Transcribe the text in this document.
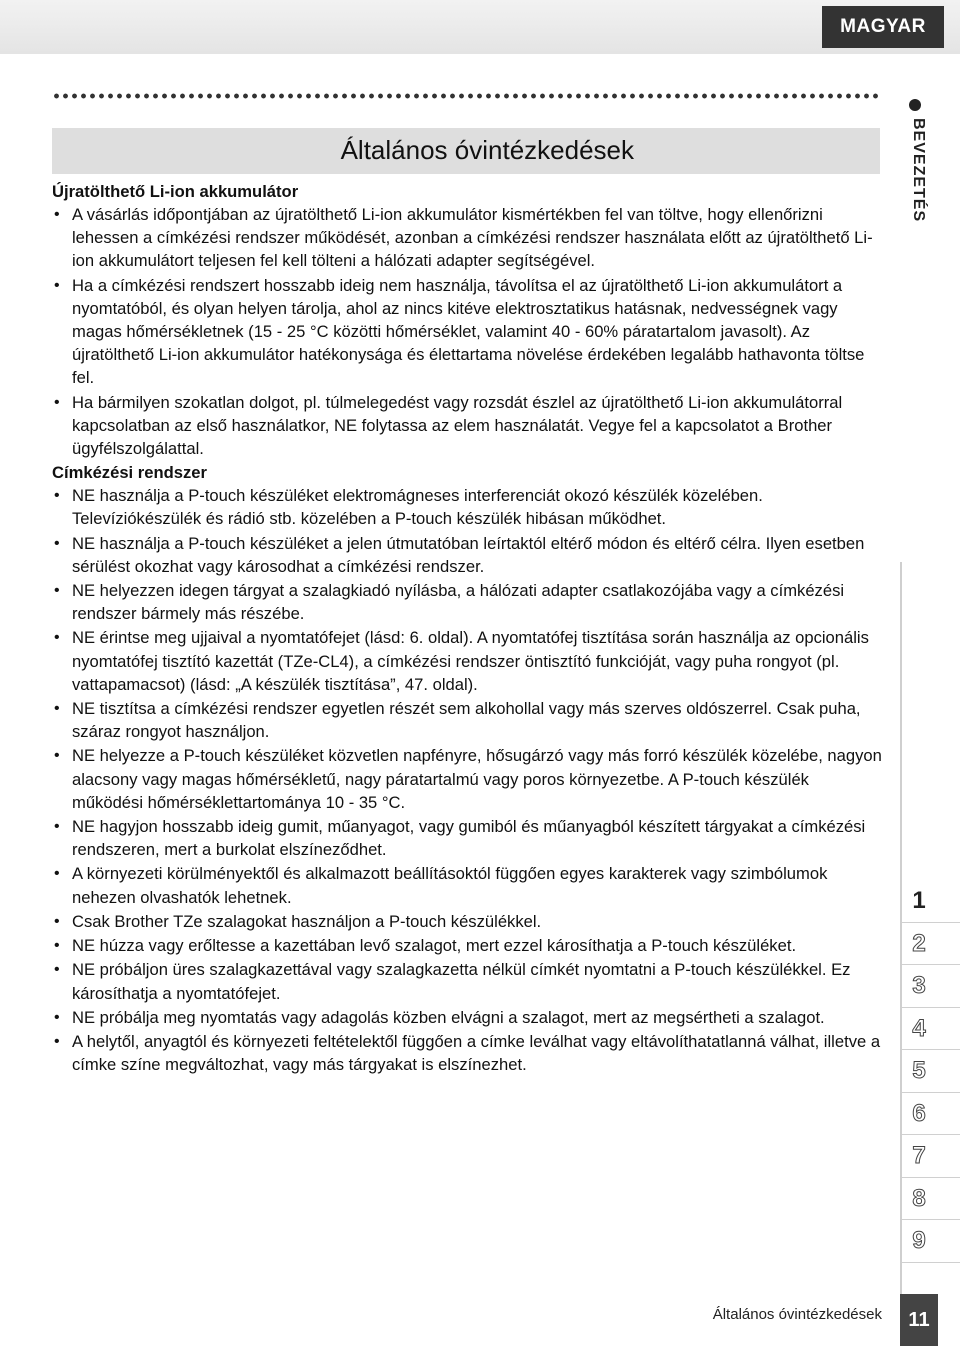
MAGYAR
Általános óvintézkedések
Újratölthető Li-ion akkumulátor
• A vásárlás időpontjában az újratölthető Li-ion akkumulátor kismértékben fel van töltve, hogy ellenőrizni lehessen a címkézési rendszer működését, azonban a címkézési rendszer használata előtt az újratölthető Li-ion akkumulátort teljesen fel kell tölteni a hálózati adapter segítségével.
• Ha a címkézési rendszert hosszabb ideig nem használja, távolítsa el az újratölthető Li-ion akkumulátort a nyomtatóból, és olyan helyen tárolja, ahol az nincs kitéve elektrosztatikus hatásnak, nedvességnek vagy magas hőmérsékletnek (15 - 25 °C közötti hőmérséklet, valamint 40 - 60% páratartalom javasolt). Az újratölthető Li-ion akkumulátor hatékonysága és élettartama növelése érdekében legalább hathavonta töltse fel.
• Ha bármilyen szokatlan dolgot, pl. túlmelegedést vagy rozsdát észlel az újratölthető Li-ion akkumulátorral kapcsolatban az első használatkor, NE folytassa az elem használatát. Vegye fel a kapcsolatot a Brother ügyfélszolgálattal.
Címkézési rendszer
• NE használja a P-touch készüléket elektromágneses interferenciát okozó készülék közelében. Televíziókészülék és rádió stb. közelében a P-touch készülék hibásan működhet.
• NE használja a P-touch készüléket a jelen útmutatóban leírtaktól eltérő módon és eltérő célra. Ilyen esetben sérülést okozhat vagy károsodhat a címkézési rendszer.
• NE helyezzen idegen tárgyat a szalagkiadó nyílásba, a hálózati adapter csatlakozójába vagy a címkézési rendszer bármely más részébe.
• NE érintse meg ujjaival a nyomtatófejet (lásd: 6. oldal). A nyomtatófej tisztítása során használja az opcionális nyomtatófej tisztító kazettát (TZe-CL4), a címkézési rendszer öntisztító funkcióját, vagy puha rongyot (pl. vattapamacsot) (lásd: „A készülék tisztítása”, 47. oldal).
• NE tisztítsa a címkézési rendszer egyetlen részét sem alkohollal vagy más szerves oldószerrel. Csak puha, száraz rongyot használjon.
• NE helyezze a P-touch készüléket közvetlen napfényre, hősugárzó vagy más forró készülék közelébe, nagyon alacsony vagy magas hőmérsékletű, nagy páratartalmú vagy poros környezetbe. A P-touch készülék működési hőmérséklettartománya 10 - 35 °C.
• NE hagyjon hosszabb ideig gumit, műanyagot, vagy gumiból és műanyagból készített tárgyakat a címkézési rendszeren, mert a burkolat elszíneződhet.
• A környezeti körülményektől és alkalmazott beállításoktól függően egyes karakterek vagy szimbólumok nehezen olvashatók lehetnek.
• Csak Brother TZe szalagokat használjon a P-touch készülékkel.
• NE húzza vagy erőltesse a kazettában levő szalagot, mert ezzel károsíthatja a P-touch készüléket.
• NE próbáljon üres szalagkazettával vagy szalagkazetta nélkül címkét nyomtatni a P-touch készülékkel. Ez károsíthatja a nyomtatófejet.
• NE próbálja meg nyomtatás vagy adagolás közben elvágni a szalagot, mert az megsértheti a szalagot.
• A helytől, anyagtól és környezeti feltételektől függően a címke leválhat vagy eltávolíthatatlanná válhat, illetve a címke színe megváltozhat, vagy más tárgyakat is elszínezhet.
BEVEZETÉS
1
2
3
4
5
6
7
8
9
Általános óvintézkedések	11
